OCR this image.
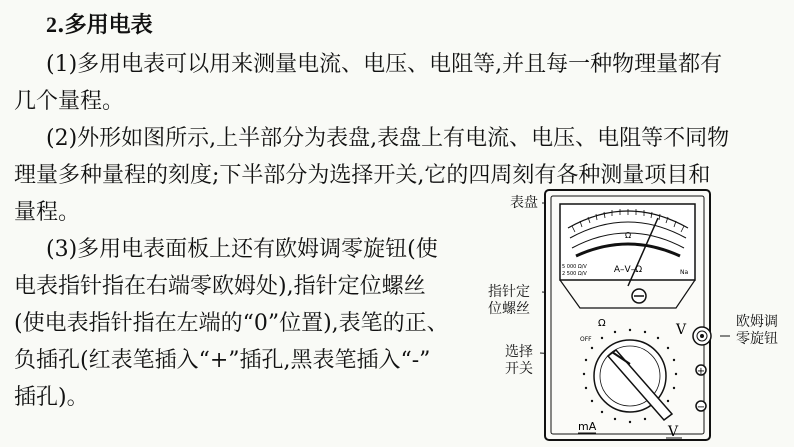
2.多用电表
(1)多用电表可以用来测量电流、电压、电阻等,并且每一种物理量都有
几个量程。
(2)外形如图所示,上半部分为表盘,表盘上有电流、电压、电阻等不同物
理量多种量程的刻度;下半部分为选择开关,它的四周刻有各种测量项目和
量程。
(3)多用电表面板上还有欧姆调零旋钮(使
电表指针指在右端零欧姆处),指针定位螺丝
(使电表指针指在左端的“0”位置),表笔的正、
负插孔(红表笔插入“+”插孔,黑表笔插入“-”
插孔)。
表盘
指针定
位螺丝
选择
开关
欧姆调
零旋钮
A–V–Ω
5 000 Ω/V
2 500 Ω/V	Na
Ω
Ω	V
OFF
mA	V
+
−
